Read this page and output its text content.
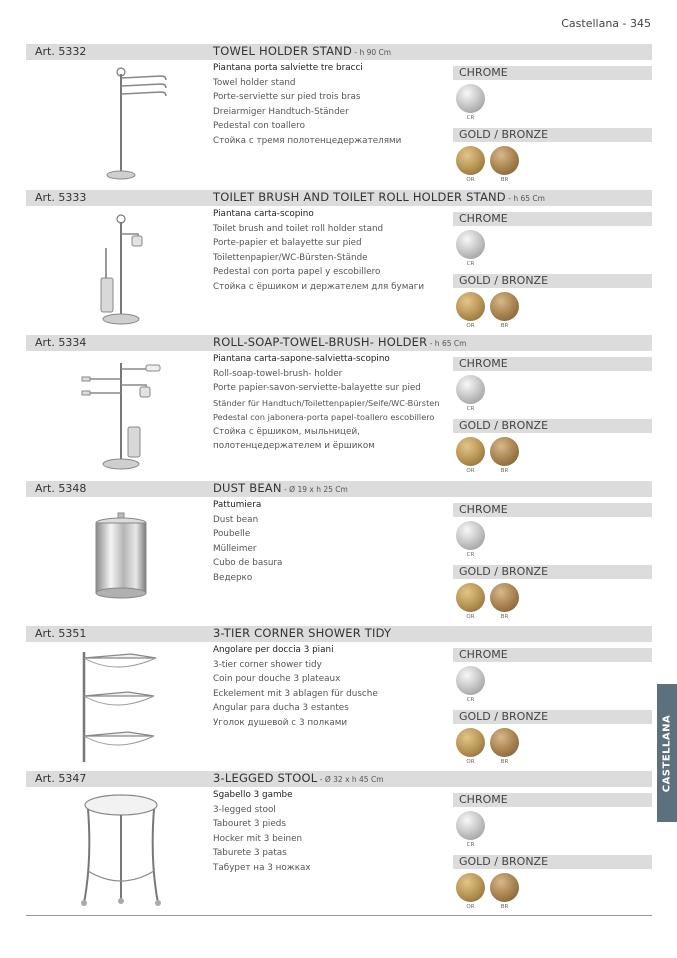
Castellana - 345
CASTELLANA
Art. 5332	TOWEL HOLDER STAND - h 90 Cm
Piantana porta salviette tre bracci
Towel holder stand
Porte-serviette sur pied trois bras
Dreiarmiger Handtuch-Ständer
Pedestal con toallero
Стойка с тремя полотенцедержателями
CHROME
CR
GOLD / BRONZE
OR	BR
Art. 5333	TOILET BRUSH AND TOILET ROLL HOLDER STAND - h 65 Cm
Piantana carta-scopino
Toilet brush and toilet roll holder stand
Porte-papier et balayette sur pied
Toilettenpapier/WC-Bürsten-Stände
Pedestal con porta papel y escobillero
Стойка с ёршиком и держателем для бумаги
CHROME
CR
GOLD / BRONZE
OR	BR
Art. 5334	ROLL-SOAP-TOWEL-BRUSH- HOLDER - h 65 Cm
Piantana carta-sapone-salvietta-scopino
Roll-soap-towel-brush- holder
Porte papier-savon-serviette-balayette sur pied
Ständer für Handtuch/Toilettenpapier/Seife/WC-Bürsten
Pedestal con jabonera-porta papel-toallero escobillero
Стойка с ёршиком, мыльницей,
полотенцедержателем и ёршиком
CHROME
CR
GOLD / BRONZE
OR	BR
Art. 5348	DUST BEAN - Ø 19 x h 25 Cm
Pattumiera
Dust bean
Poubelle
Mülleimer
Cubo de basura
Ведерко
CHROME
CR
GOLD / BRONZE
OR	BR
Art. 5351	3-TIER CORNER SHOWER TIDY
Angolare per doccia 3 piani
3-tier corner shower tidy
Coin pour douche 3 plateaux
Eckelement mit 3 ablagen für dusche
Angular para ducha 3 estantes
Уголок душевой с 3 полками
CHROME
CR
GOLD / BRONZE
OR	BR
Art. 5347	3-LEGGED STOOL - Ø 32 x h 45 Cm
Sgabello 3 gambe
3-legged stool
Tabouret 3 pieds
Hocker mit 3 beinen
Taburete 3 patas
Табурет на 3 ножках
CHROME
CR
GOLD / BRONZE
OR	BR
